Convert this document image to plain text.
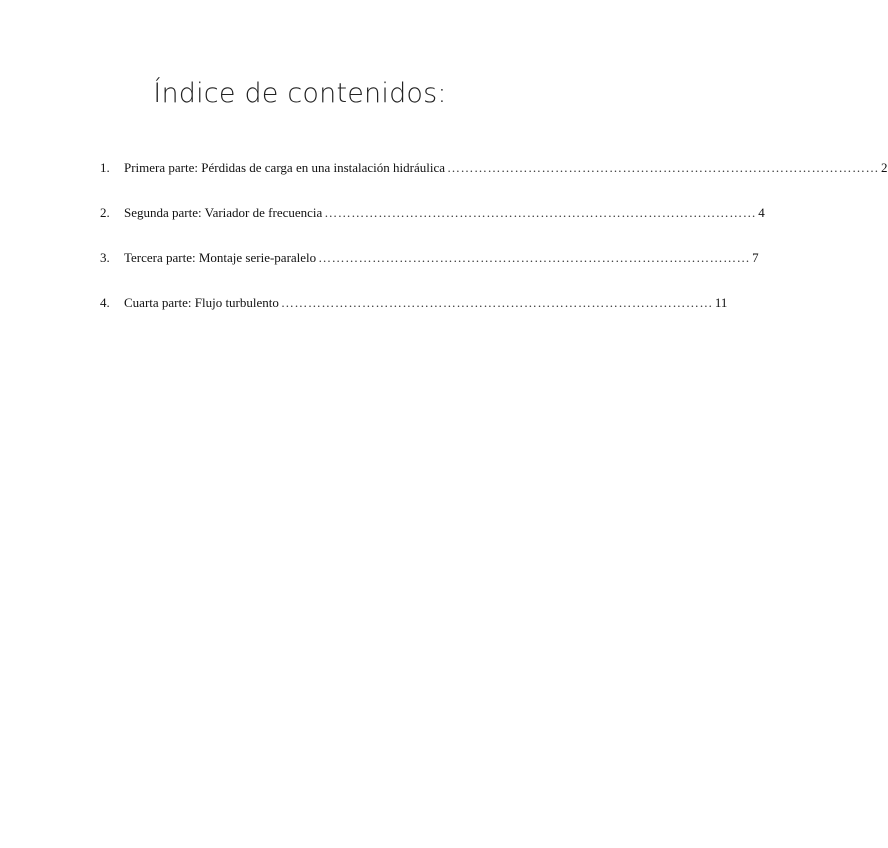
Índice de contenidos:
1.	Primera parte: Pérdidas de carga en una instalación hidráulica …………………………………………………………………………………… 2
2.	Segunda parte: Variador de frecuencia …………………………………………………………………………………… 4
3.	Tercera parte: Montaje serie-paralelo …………………………………………………………………………………… 7
4.	Cuarta parte: Flujo turbulento …………………………………………………………………………………… 11
